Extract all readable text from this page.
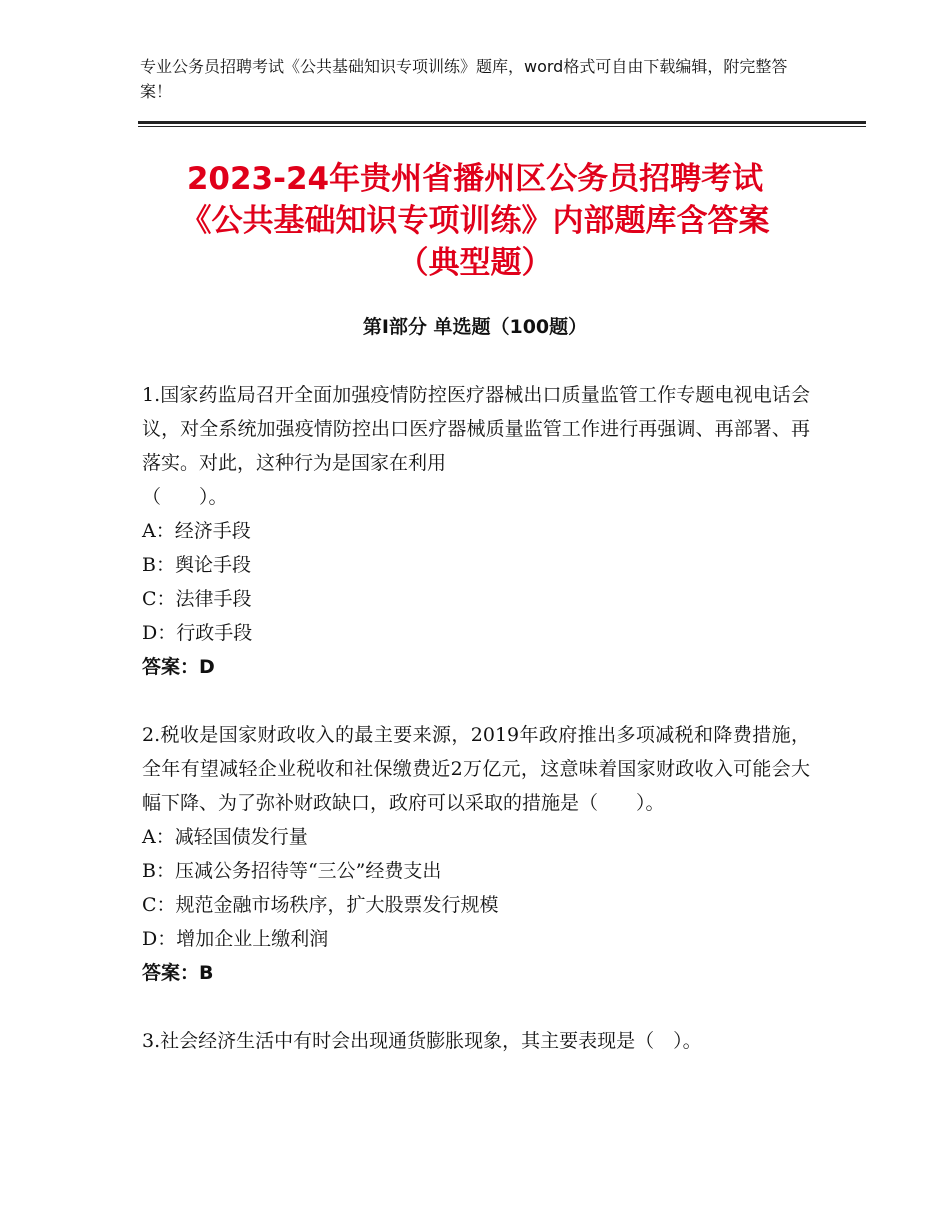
专业公务员招聘考试《公共基础知识专项训练》题库，word格式可自由下载编辑，附完整答案！
2023-24年贵州省播州区公务员招聘考试
《公共基础知识专项训练》内部题库含答案
（典型题）
第Ⅰ部分 单选题（100题）
1.国家药监局召开全面加强疫情防控医疗器械出口质量监管工作专题电视电话会议，对全系统加强疫情防控出口医疗器械质量监管工作进行再强调、再部署、再落实。对此，这种行为是国家在利用
（　　）。
A：经济手段
B：舆论手段
C：法律手段
D：行政手段
答案：D
2.税收是国家财政收入的最主要来源，2019年政府推出多项减税和降费措施，全年有望减轻企业税收和社保缴费近2万亿元，这意味着国家财政收入可能会大幅下降、为了弥补财政缺口，政府可以采取的措施是（　　）。
A：减轻国债发行量
B：压减公务招待等“三公”经费支出
C：规范金融市场秩序，扩大股票发行规模
D：增加企业上缴利润
答案：B
3.社会经济生活中有时会出现通货膨胀现象，其主要表现是（　）。
